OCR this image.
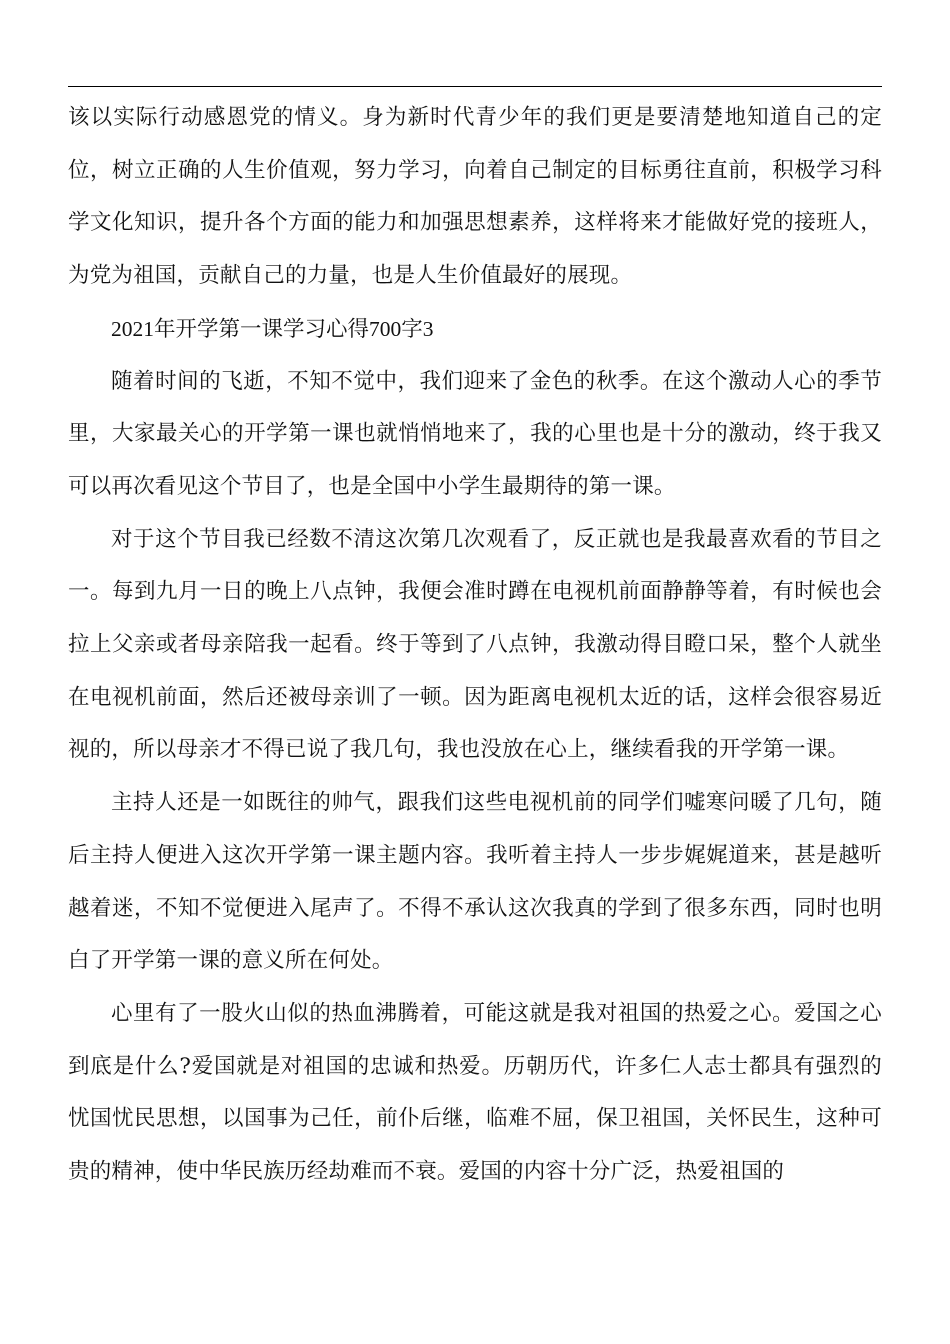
该以实际行动感恩党的情义。身为新时代青少年的我们更是要清楚地知道自己的定位，树立正确的人生价值观，努力学习，向着自己制定的目标勇往直前，积极学习科学文化知识，提升各个方面的能力和加强思想素养，这样将来才能做好党的接班人，为党为祖国，贡献自己的力量，也是人生价值最好的展现。

2021年开学第一课学习心得700字3

随着时间的飞逝，不知不觉中，我们迎来了金色的秋季。在这个激动人心的季节里，大家最关心的开学第一课也就悄悄地来了，我的心里也是十分的激动，终于我又可以再次看见这个节目了，也是全国中小学生最期待的第一课。

对于这个节目我已经数不清这次第几次观看了，反正就也是我最喜欢看的节目之一。每到九月一日的晚上八点钟，我便会准时蹲在电视机前面静静等着，有时候也会拉上父亲或者母亲陪我一起看。终于等到了八点钟，我激动得目瞪口呆，整个人就坐在电视机前面，然后还被母亲训了一顿。因为距离电视机太近的话，这样会很容易近视的，所以母亲才不得已说了我几句，我也没放在心上，继续看我的开学第一课。

主持人还是一如既往的帅气，跟我们这些电视机前的同学们嘘寒问暖了几句，随后主持人便进入这次开学第一课主题内容。我听着主持人一步步娓娓道来，甚是越听越着迷，不知不觉便进入尾声了。不得不承认这次我真的学到了很多东西，同时也明白了开学第一课的意义所在何处。

心里有了一股火山似的热血沸腾着，可能这就是我对祖国的热爱之心。爱国之心到底是什么?爱国就是对祖国的忠诚和热爱。历朝历代，许多仁人志士都具有强烈的忧国忧民思想，以国事为己任，前仆后继，临难不屈，保卫祖国，关怀民生，这种可贵的精神，使中华民族历经劫难而不衰。爱国的内容十分广泛，热爱祖国的
